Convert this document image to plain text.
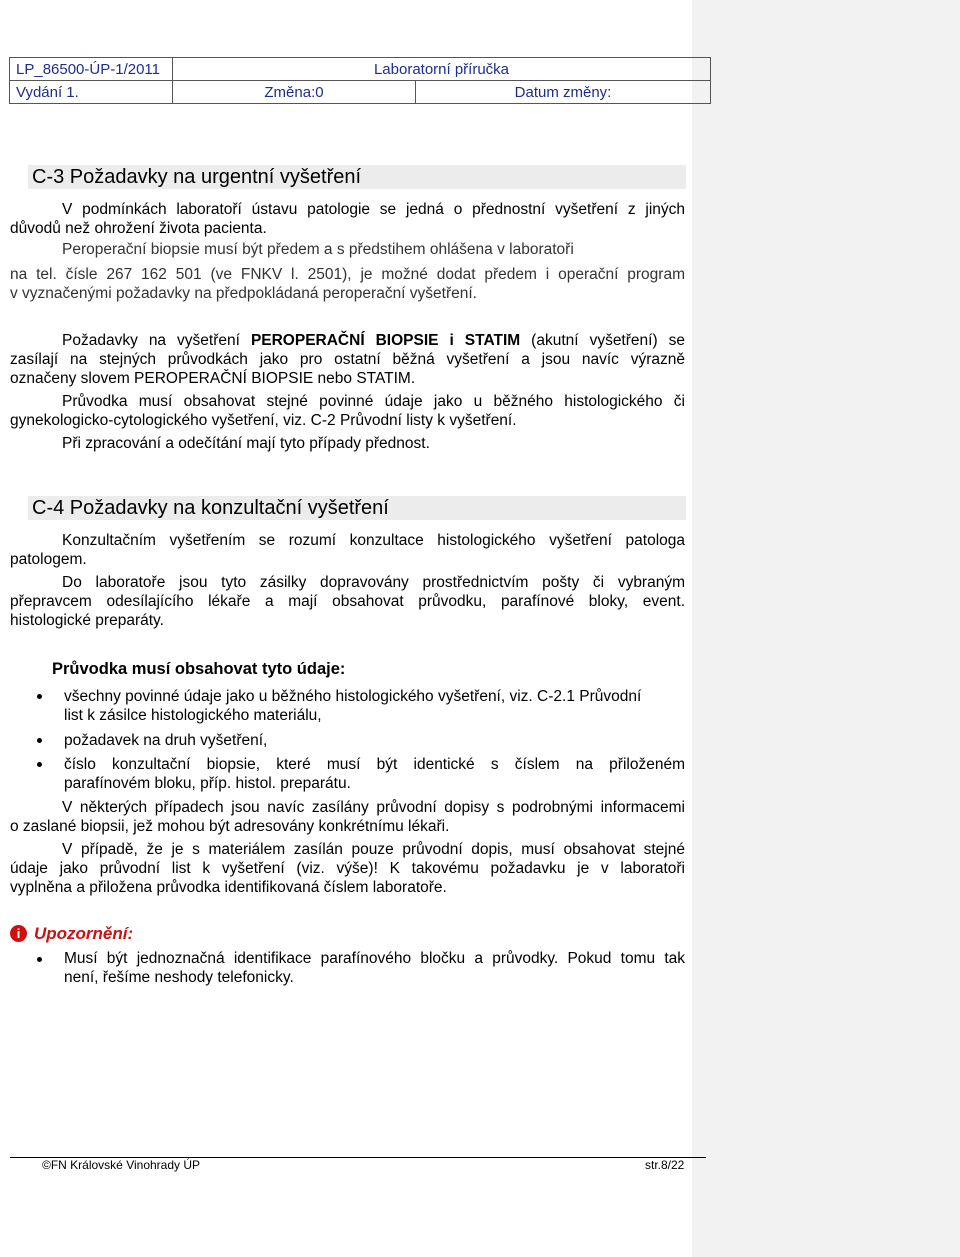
LP_86500-ÚP-1/2011	Laboratorní příručka	
Vydání 1.	Změna:0	Datum změny:
C-3 Požadavky na urgentní vyšetření
V podmínkách laboratoří ústavu patologie se jedná o přednostní vyšetření z jiných
důvodů než ohrožení života pacienta.
Peroperační biopsie musí být předem a s předstihem ohlášena v laboratoři
na tel. čísle 267 162 501 (ve FNKV l. 2501), je možné dodat předem i operační program
v vyznačenými požadavky na předpokládaná peroperační vyšetření.
Požadavky na vyšetření PEROPERAČNÍ BIOPSIE i STATIM (akutní vyšetření) se
zasílají na stejných průvodkách jako pro ostatní běžná vyšetření a jsou navíc výrazně
označeny slovem PEROPERAČNÍ BIOPSIE nebo STATIM.
Průvodka musí obsahovat stejné povinné údaje jako u běžného histologického či
gynekologicko-cytologického vyšetření, viz. C-2 Průvodní listy k vyšetření.
Při zpracování a odečítání mají tyto případy přednost.
C-4 Požadavky na konzultační vyšetření
Konzultačním vyšetřením se rozumí konzultace histologického vyšetření patologa
patologem.
Do laboratoře jsou tyto zásilky dopravovány prostřednictvím pošty či vybraným
přepravcem odesílajícího lékaře a mají obsahovat průvodku, parafínové bloky, event.
histologické preparáty.
Průvodka musí obsahovat tyto údaje:
všechny povinné údaje jako u běžného histologického vyšetření, viz. C-2.1 Průvodní
list k zásilce histologického materiálu,
požadavek na druh vyšetření,
číslo konzultační biopsie, které musí být identické s číslem na přiloženém
parafínovém bloku, příp. histol. preparátu.
V některých případech jsou navíc zasílány průvodní dopisy s podrobnými informacemi
o zaslané biopsii, jež mohou být adresovány konkrétnímu lékaři.
V případě, že je s materiálem zasílán pouze průvodní dopis, musí obsahovat stejné
údaje jako průvodní list k vyšetření (viz. výše)! K takovému požadavku je v laboratoři
vyplněna a přiložena průvodka identifikovaná číslem laboratoře.
i Upozornění:
Musí být jednoznačná identifikace parafínového bločku a průvodky. Pokud tomu tak
není, řešíme neshody telefonicky.
©FN Královské Vinohrady ÚP	str.8/22
